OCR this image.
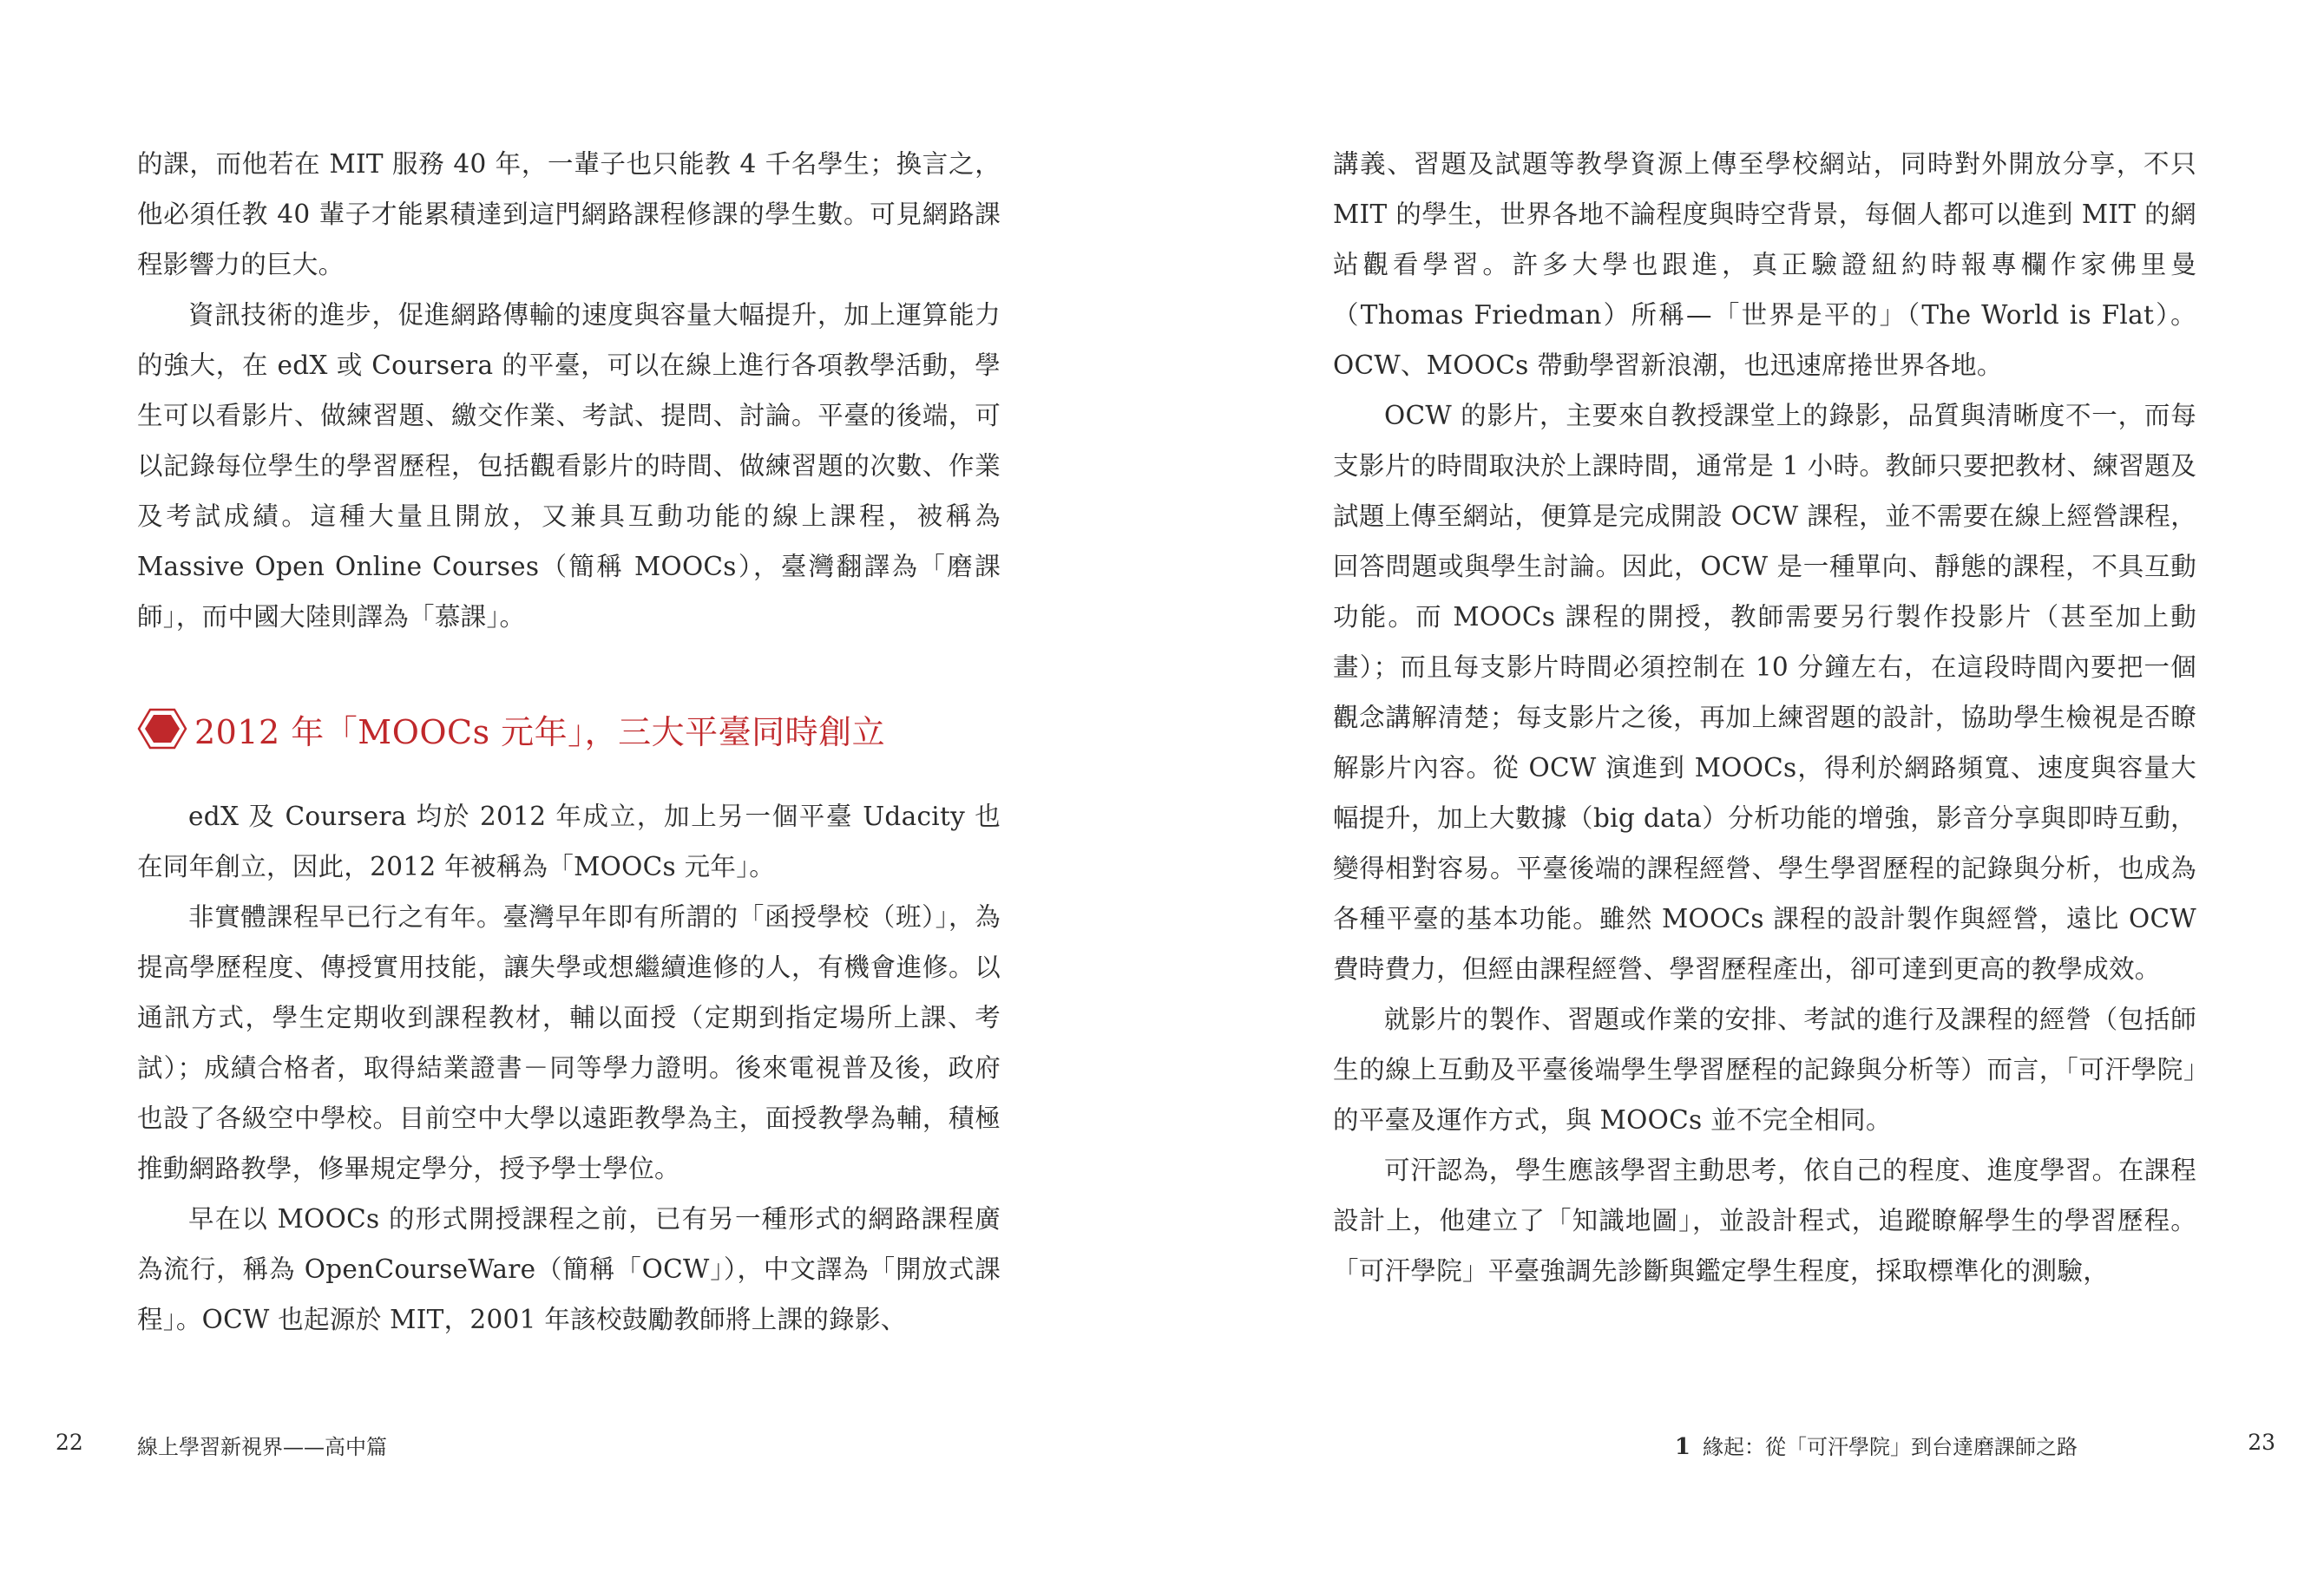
的課，而他若在 MIT 服務 40 年，一輩子也只能教 4 千名學生；換言之，他必須任教 40 輩子才能累積達到這門網路課程修課的學生數。可見網路課程影響力的巨大。

資訊技術的進步，促進網路傳輸的速度與容量大幅提升，加上運算能力的強大，在 edX 或 Coursera 的平臺，可以在線上進行各項教學活動，學生可以看影片、做練習題、繳交作業、考試、提問、討論。平臺的後端，可以記錄每位學生的學習歷程，包括觀看影片的時間、做練習題的次數、作業及考試成績。這種大量且開放，又兼具互動功能的線上課程，被稱為 Massive Open Online Courses（簡稱 MOOCs），臺灣翻譯為「磨課師」，而中國大陸則譯為「慕課」。

2012 年「MOOCs 元年」，三大平臺同時創立

edX 及 Coursera 均於 2012 年成立，加上另一個平臺 Udacity 也在同年創立，因此，2012 年被稱為「MOOCs 元年」。

非實體課程早已行之有年。臺灣早年即有所謂的「函授學校（班）」，為提高學歷程度、傳授實用技能，讓失學或想繼續進修的人，有機會進修。以通訊方式，學生定期收到課程教材，輔以面授（定期到指定場所上課、考試）；成績合格者，取得結業證書－同等學力證明。後來電視普及後，政府也設了各級空中學校。目前空中大學以遠距教學為主，面授教學為輔，積極推動網路教學，修畢規定學分，授予學士學位。

早在以 MOOCs 的形式開授課程之前，已有另一種形式的網路課程廣為流行，稱為 OpenCourseWare（簡稱「OCW」），中文譯為「開放式課程」。OCW 也起源於 MIT，2001 年該校鼓勵教師將上課的錄影、

22	線上學習新視界——高中篇

講義、習題及試題等教學資源上傳至學校網站，同時對外開放分享，不只 MIT 的學生，世界各地不論程度與時空背景，每個人都可以進到 MIT 的網站觀看學習。許多大學也跟進，真正驗證紐約時報專欄作家佛里曼（Thomas Friedman）所稱—「世界是平的」（The World is Flat）。OCW、MOOCs 帶動學習新浪潮，也迅速席捲世界各地。

OCW 的影片，主要來自教授課堂上的錄影，品質與清晰度不一，而每支影片的時間取決於上課時間，通常是 1 小時。教師只要把教材、練習題及試題上傳至網站，便算是完成開設 OCW 課程，並不需要在線上經營課程，回答問題或與學生討論。因此，OCW 是一種單向、靜態的課程，不具互動功能。而 MOOCs 課程的開授，教師需要另行製作投影片（甚至加上動畫）；而且每支影片時間必須控制在 10 分鐘左右，在這段時間內要把一個觀念講解清楚；每支影片之後，再加上練習題的設計，協助學生檢視是否瞭解影片內容。從 OCW 演進到 MOOCs，得利於網路頻寬、速度與容量大幅提升，加上大數據（big data）分析功能的增強，影音分享與即時互動，變得相對容易。平臺後端的課程經營、學生學習歷程的記錄與分析，也成為各種平臺的基本功能。雖然 MOOCs 課程的設計製作與經營，遠比 OCW 費時費力，但經由課程經營、學習歷程產出，卻可達到更高的教學成效。

就影片的製作、習題或作業的安排、考試的進行及課程的經營（包括師生的線上互動及平臺後端學生學習歷程的記錄與分析等）而言，「可汗學院」的平臺及運作方式，與 MOOCs 並不完全相同。

可汗認為，學生應該學習主動思考，依自己的程度、進度學習。在課程設計上，他建立了「知識地圖」，並設計程式，追蹤瞭解學生的學習歷程。「可汗學院」平臺強調先診斷與鑑定學生程度，採取標準化的測驗，

1 緣起：從「可汗學院」到台達磨課師之路	23
